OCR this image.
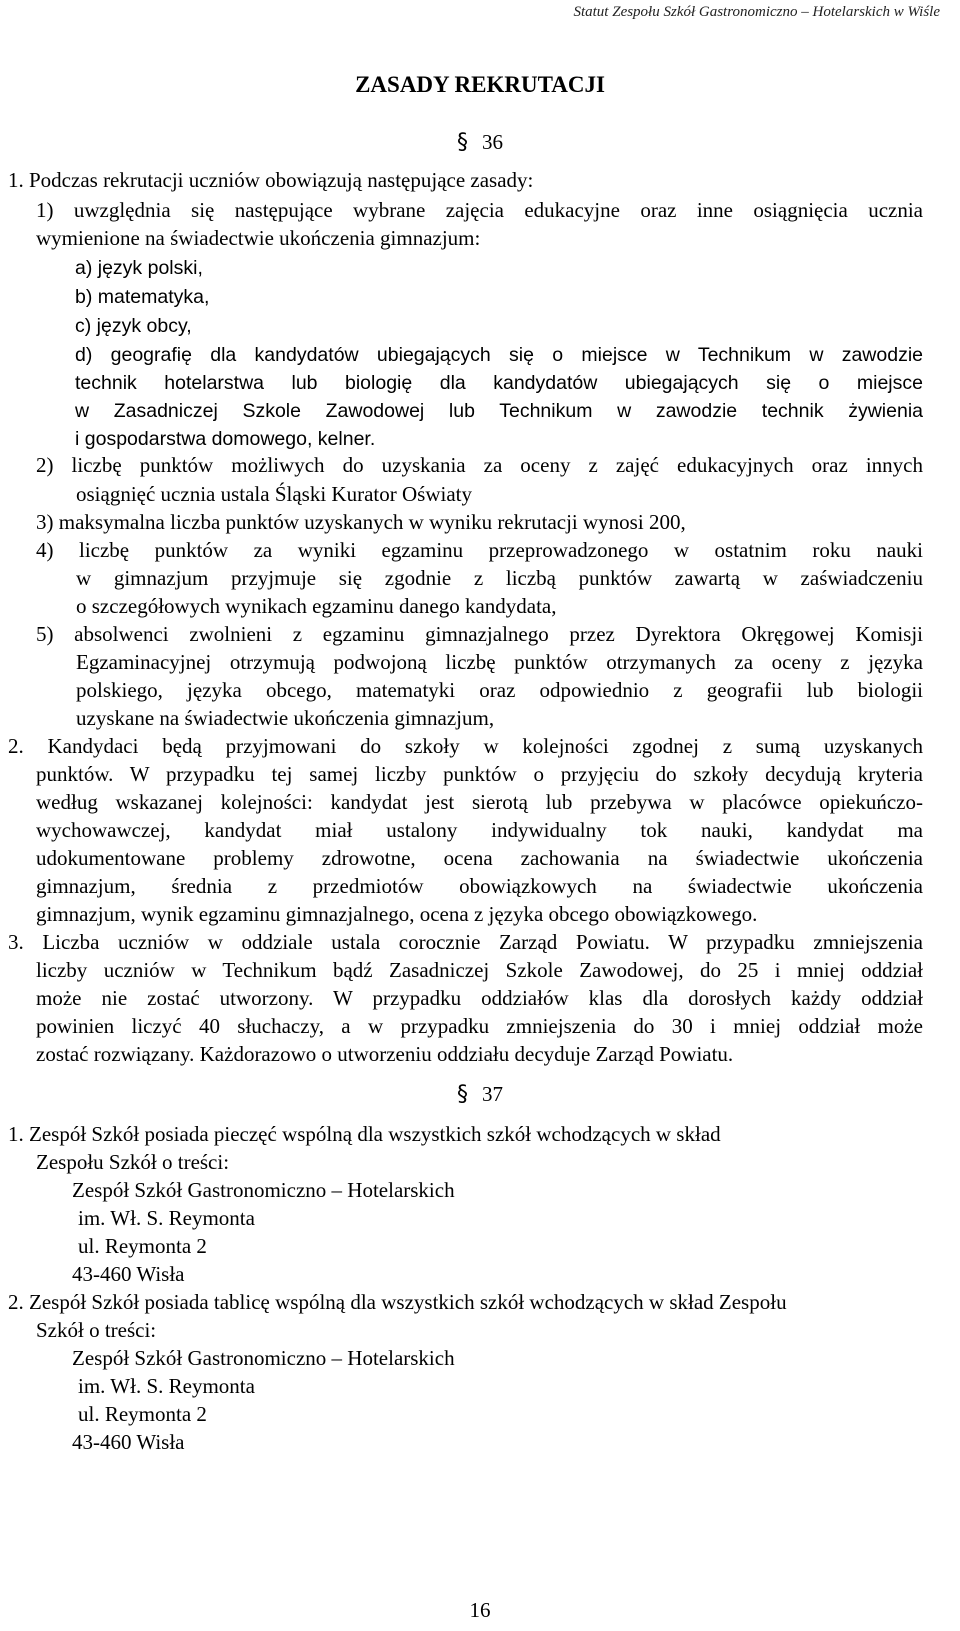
Statut Zespołu Szkół Gastronomiczno – Hotelarskich w Wiśle
ZASADY REKRUTACJI
§ 36
1. Podczas rekrutacji uczniów obowiązują następujące zasady:
1) uwzględnia się następujące wybrane zajęcia edukacyjne oraz inne osiągnięcia ucznia
wymienione na świadectwie ukończenia gimnazjum:
a) język polski,
b) matematyka,
c) język obcy,
d) geografię dla kandydatów ubiegających się o miejsce w Technikum w zawodzie
technik hotelarstwa lub biologię dla kandydatów ubiegających się o miejsce
w Zasadniczej Szkole Zawodowej lub Technikum w zawodzie technik żywienia
i gospodarstwa domowego, kelner.
2) liczbę punktów możliwych do uzyskania za oceny z zajęć edukacyjnych oraz innych
osiągnięć ucznia ustala Śląski Kurator Oświaty
3) maksymalna liczba punktów uzyskanych w wyniku rekrutacji wynosi 200,
4) liczbę punktów za wyniki egzaminu przeprowadzonego w ostatnim roku nauki
w gimnazjum przyjmuje się zgodnie z liczbą punktów zawartą w zaświadczeniu
o szczegółowych wynikach egzaminu danego kandydata,
5) absolwenci zwolnieni z egzaminu gimnazjalnego przez Dyrektora Okręgowej Komisji
Egzaminacyjnej otrzymują podwojoną liczbę punktów otrzymanych za oceny z języka
polskiego, języka obcego, matematyki oraz odpowiednio z geografii lub biologii
uzyskane na świadectwie ukończenia gimnazjum,
2. Kandydaci będą przyjmowani do szkoły w kolejności zgodnej z sumą uzyskanych
punktów. W przypadku tej samej liczby punktów o przyjęciu do szkoły decydują kryteria
według wskazanej kolejności: kandydat jest sierotą lub przebywa w placówce opiekuńczo-
wychowawczej, kandydat miał ustalony indywidualny tok nauki, kandydat ma
udokumentowane problemy zdrowotne, ocena zachowania na świadectwie ukończenia
gimnazjum, średnia z przedmiotów obowiązkowych na świadectwie ukończenia
gimnazjum, wynik egzaminu gimnazjalnego, ocena z języka obcego obowiązkowego.
3. Liczba uczniów w oddziale ustala corocznie Zarząd Powiatu. W przypadku zmniejszenia
liczby uczniów w Technikum bądź Zasadniczej Szkole Zawodowej, do 25 i mniej oddział
może nie zostać utworzony. W przypadku oddziałów klas dla dorosłych każdy oddział
powinien liczyć 40 słuchaczy, a w przypadku zmniejszenia do 30 i mniej oddział może
zostać rozwiązany. Każdorazowo o utworzeniu oddziału decyduje Zarząd Powiatu.
§ 37
1. Zespół Szkół posiada pieczęć wspólną dla wszystkich szkół wchodzących w skład
Zespołu Szkół o treści:
Zespół Szkół Gastronomiczno – Hotelarskich
im. Wł. S. Reymonta
ul. Reymonta 2
43-460 Wisła
2. Zespół Szkół posiada tablicę wspólną dla wszystkich szkół wchodzących w skład Zespołu
Szkół o treści:
Zespół Szkół Gastronomiczno – Hotelarskich
im. Wł. S. Reymonta
ul. Reymonta 2
43-460 Wisła
16
